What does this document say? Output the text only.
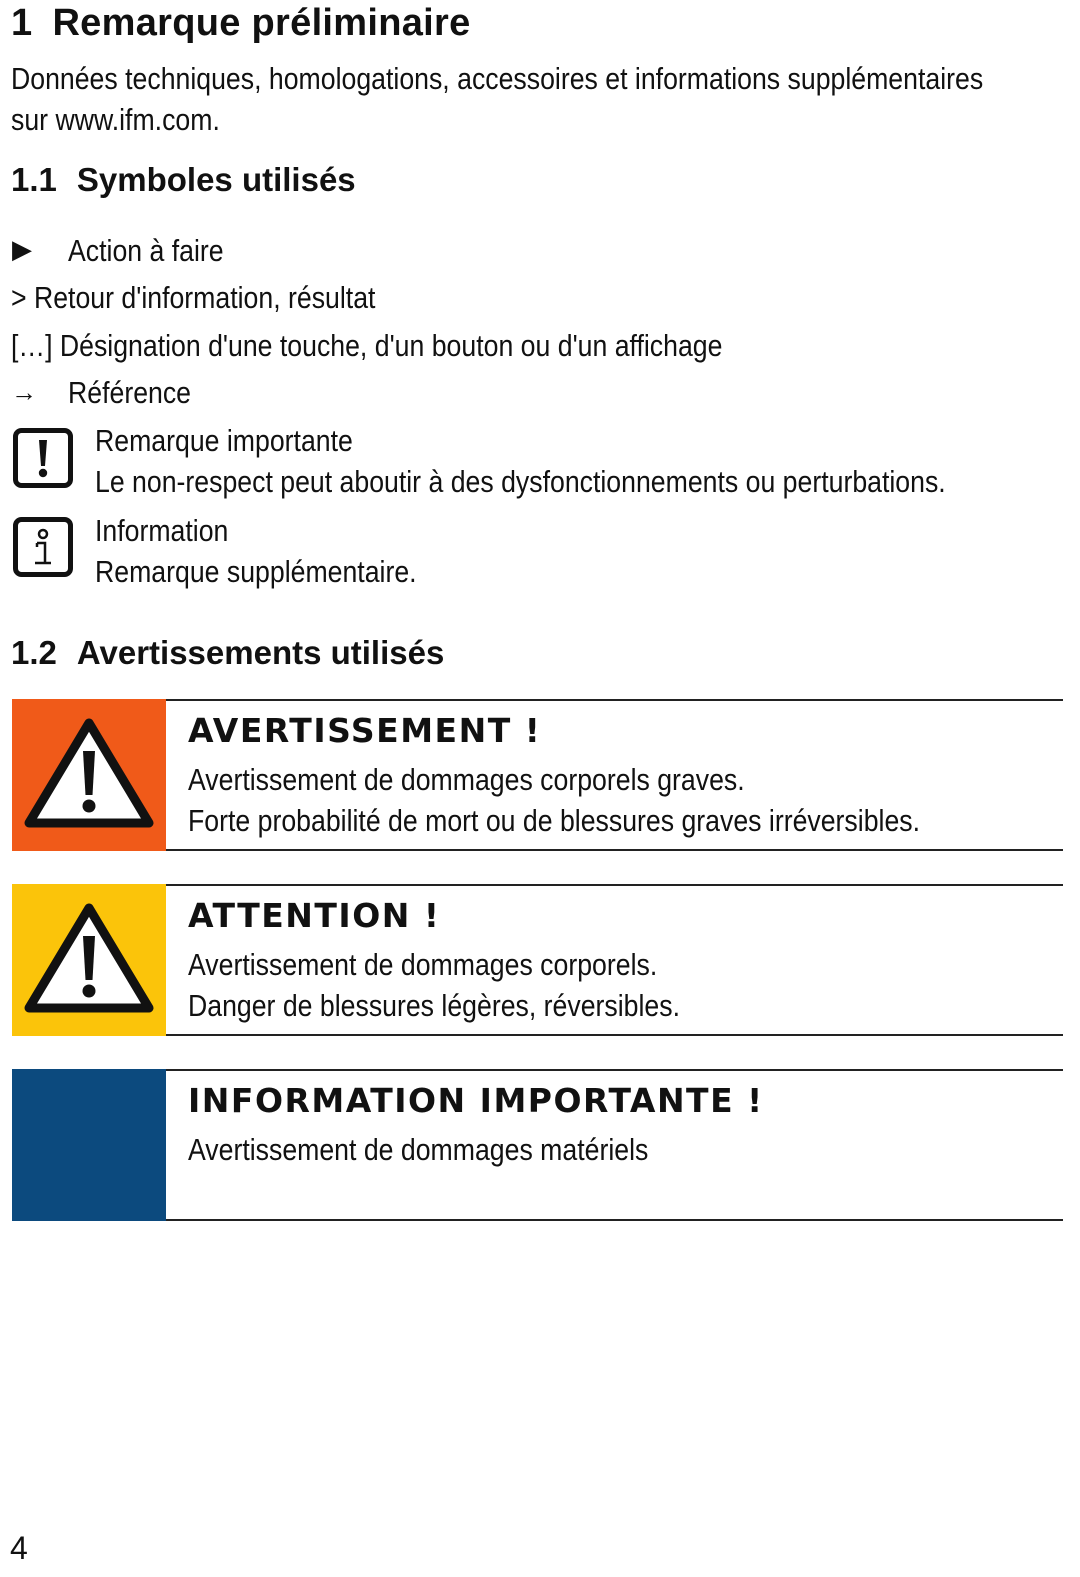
1 Remarque préliminaire
Données techniques, homologations, accessoires et informations supplémentaires
sur www.ifm.com.
1.1 Symboles utilisés
▶ Action à faire
> Retour d'information, résultat
[…] Désignation d'une touche, d'un bouton ou d'un affichage
→ Référence
Remarque importante
Le non-respect peut aboutir à des dysfonctionnements ou perturbations.
Information
Remarque supplémentaire.
1.2 Avertissements utilisés
AVERTISSEMENT !
Avertissement de dommages corporels graves.
Forte probabilité de mort ou de blessures graves irréversibles.
ATTENTION !
Avertissement de dommages corporels.
Danger de blessures légères, réversibles.
INFORMATION IMPORTANTE !
Avertissement de dommages matériels
4
